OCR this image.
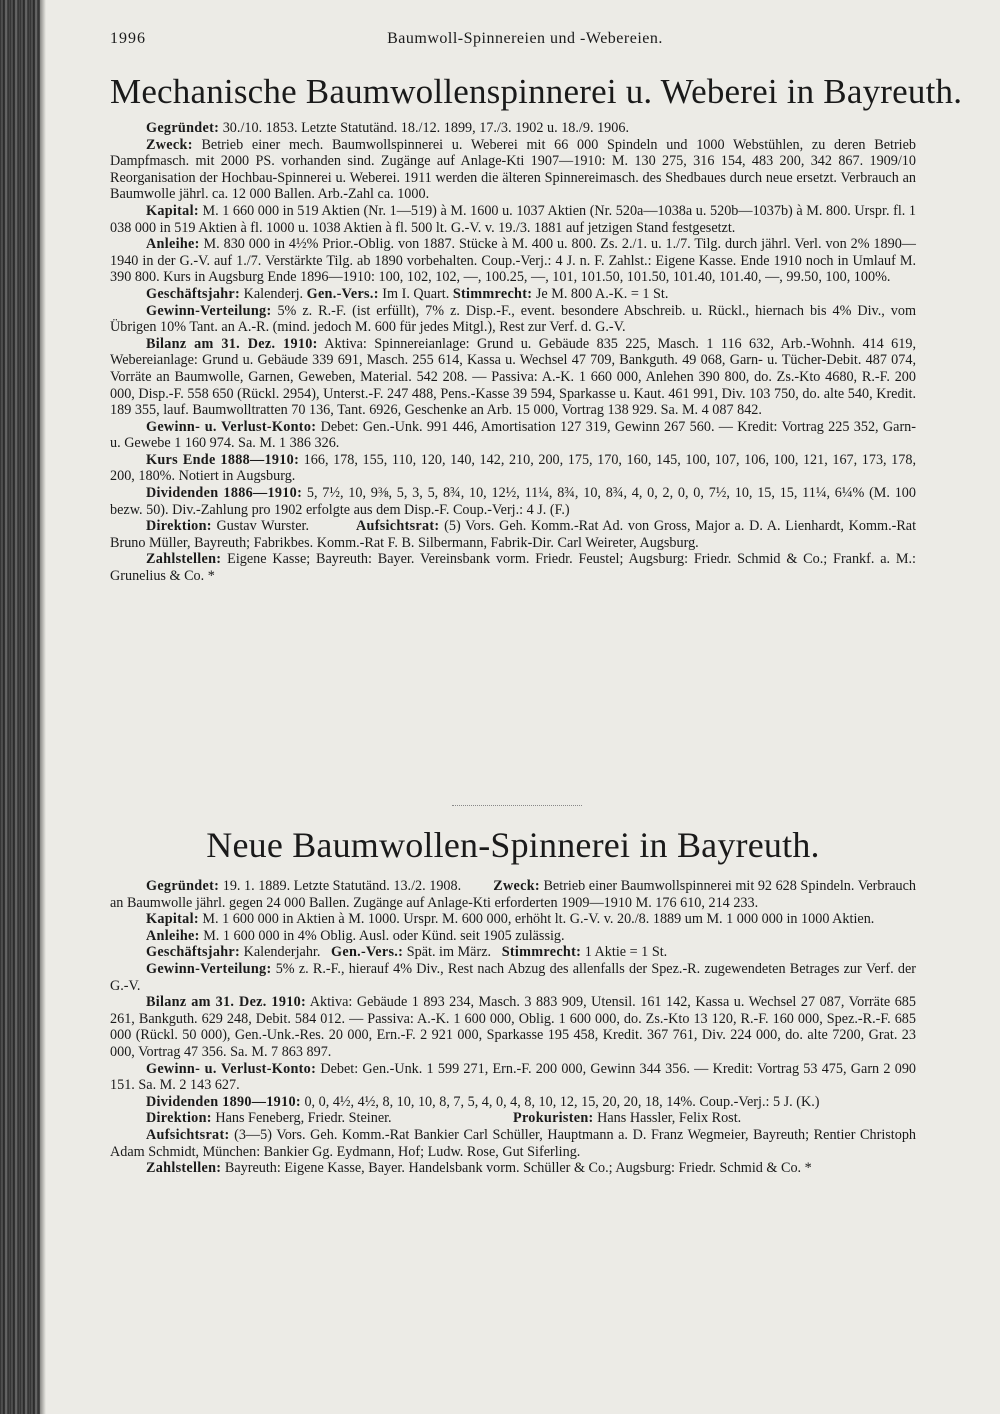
1996	Baumwoll-Spinnereien und -Webereien.
Mechanische Baumwollenspinnerei u. Weberei in Bayreuth.

Gegründet: 30./10. 1853. Letzte Statutänd. 18./12. 1899, 17./3. 1902 u. 18./9. 1906.

Zweck: Betrieb einer mech. Baumwollspinnerei u. Weberei mit 66 000 Spindeln und 1000 Webstühlen, zu deren Betrieb Dampfmasch. mit 2000 PS. vorhanden sind. Zugänge auf Anlage-Kti 1907—1910: M. 130 275, 316 154, 483 200, 342 867. 1909/10 Reorganisation der Hochbau-Spinnerei u. Weberei. 1911 werden die älteren Spinnereimasch. des Shedbaues durch neue ersetzt. Verbrauch an Baumwolle jährl. ca. 12 000 Ballen. Arb.-Zahl ca. 1000.

Kapital: M. 1 660 000 in 519 Aktien (Nr. 1—519) à M. 1600 u. 1037 Aktien (Nr. 520a—1038a u. 520b—1037b) à M. 800. Urspr. fl. 1 038 000 in 519 Aktien à fl. 1000 u. 1038 Aktien à fl. 500 lt. G.-V. v. 19./3. 1881 auf jetzigen Stand festgesetzt.

Anleihe: M. 830 000 in 4½% Prior.-Oblig. von 1887. Stücke à M. 400 u. 800. Zs. 2./1. u. 1./7. Tilg. durch jährl. Verl. von 2% 1890—1940 in der G.-V. auf 1./7. Verstärkte Tilg. ab 1890 vorbehalten. Coup.-Verj.: 4 J. n. F. Zahlst.: Eigene Kasse. Ende 1910 noch in Umlauf M. 390 800. Kurs in Augsburg Ende 1896—1910: 100, 102, 102, —, 100.25, —, 101, 101.50, 101.50, 101.40, 101.40, —, 99.50, 100, 100%.

Geschäftsjahr: Kalenderj. Gen.-Vers.: Im I. Quart. Stimmrecht: Je M. 800 A.-K. = 1 St.

Gewinn-Verteilung: 5% z. R.-F. (ist erfüllt), 7% z. Disp.-F., event. besondere Abschreib. u. Rückl., hiernach bis 4% Div., vom Übrigen 10% Tant. an A.-R. (mind. jedoch M. 600 für jedes Mitgl.), Rest zur Verf. d. G.-V.

Bilanz am 31. Dez. 1910: Aktiva: Spinnereianlage: Grund u. Gebäude 835 225, Masch. 1 116 632, Arb.-Wohnh. 414 619, Webereianlage: Grund u. Gebäude 339 691, Masch. 255 614, Kassa u. Wechsel 47 709, Bankguth. 49 068, Garn- u. Tücher-Debit. 487 074, Vorräte an Baumwolle, Garnen, Geweben, Material. 542 208. — Passiva: A.-K. 1 660 000, Anlehen 390 800, do. Zs.-Kto 4680, R.-F. 200 000, Disp.-F. 558 650 (Rückl. 2954), Unterst.-F. 247 488, Pens.-Kasse 39 594, Sparkasse u. Kaut. 461 991, Div. 103 750, do. alte 540, Kredit. 189 355, lauf. Baumwolltratten 70 136, Tant. 6926, Geschenke an Arb. 15 000, Vortrag 138 929. Sa. M. 4 087 842.

Gewinn- u. Verlust-Konto: Debet: Gen.-Unk. 991 446, Amortisation 127 319, Gewinn 267 560. — Kredit: Vortrag 225 352, Garn- u. Gewebe 1 160 974. Sa. M. 1 386 326.

Kurs Ende 1888—1910: 166, 178, 155, 110, 120, 140, 142, 210, 200, 175, 170, 160, 145, 100, 107, 106, 100, 121, 167, 173, 178, 200, 180%. Notiert in Augsburg.

Dividenden 1886—1910: 5, 7½, 10, 9⅜, 5, 3, 5, 8¾, 10, 12½, 11¼, 8¾, 10, 8¾, 4, 0, 2, 0, 0, 7½, 10, 15, 15, 11¼, 6¼% (M. 100 bezw. 50). Div.-Zahlung pro 1902 erfolgte aus dem Disp.-F. Coup.-Verj.: 4 J. (F.)

Direktion: Gustav Wurster.	Aufsichtsrat: (5) Vors. Geh. Komm.-Rat Ad. von Gross, Major a. D. A. Lienhardt, Komm.-Rat Bruno Müller, Bayreuth; Fabrikbes. Komm.-Rat F. B. Silbermann, Fabrik-Dir. Carl Weireter, Augsburg.

Zahlstellen: Eigene Kasse; Bayreuth: Bayer. Vereinsbank vorm. Friedr. Feustel; Augsburg: Friedr. Schmid & Co.; Frankf. a. M.: Grunelius & Co. *

Neue Baumwollen-Spinnerei in Bayreuth.

Gegründet: 19. 1. 1889. Letzte Statutänd. 13./2. 1908. Zweck: Betrieb einer Baumwollspinnerei mit 92 628 Spindeln. Verbrauch an Baumwolle jährl. gegen 24 000 Ballen. Zugänge auf Anlage-Kti erforderten 1909—1910 M. 176 610, 214 233.

Kapital: M. 1 600 000 in Aktien à M. 1000. Urspr. M. 600 000, erhöht lt. G.-V. v. 20./8. 1889 um M. 1 000 000 in 1000 Aktien.

Anleihe: M. 1 600 000 in 4% Oblig. Ausl. oder Künd. seit 1905 zulässig.

Geschäftsjahr: Kalenderjahr. Gen.-Vers.: Spät. im März. Stimmrecht: 1 Aktie = 1 St.

Gewinn-Verteilung: 5% z. R.-F., hierauf 4% Div., Rest nach Abzug des allenfalls der Spez.-R. zugewendeten Betrages zur Verf. der G.-V.

Bilanz am 31. Dez. 1910: Aktiva: Gebäude 1 893 234, Masch. 3 883 909, Utensil. 161 142, Kassa u. Wechsel 27 087, Vorräte 685 261, Bankguth. 629 248, Debit. 584 012. — Passiva: A.-K. 1 600 000, Oblig. 1 600 000, do. Zs.-Kto 13 120, R.-F. 160 000, Spez.-R.-F. 685 000 (Rückl. 50 000), Gen.-Unk.-Res. 20 000, Ern.-F. 2 921 000, Sparkasse 195 458, Kredit. 367 761, Div. 224 000, do. alte 7200, Grat. 23 000, Vortrag 47 356. Sa. M. 7 863 897.

Gewinn- u. Verlust-Konto: Debet: Gen.-Unk. 1 599 271, Ern.-F. 200 000, Gewinn 344 356. — Kredit: Vortrag 53 475, Garn 2 090 151. Sa. M. 2 143 627.

Dividenden 1890—1910: 0, 0, 4½, 4½, 8, 10, 10, 8, 7, 5, 4, 0, 4, 8, 10, 12, 15, 20, 20, 18, 14%. Coup.-Verj.: 5 J. (K.)

Direktion: Hans Feneberg, Friedr. Steiner.	Prokuristen: Hans Hassler, Felix Rost.

Aufsichtsrat: (3—5) Vors. Geh. Komm.-Rat Bankier Carl Schüller, Hauptmann a. D. Franz Wegmeier, Bayreuth; Rentier Christoph Adam Schmidt, München: Bankier Gg. Eydmann, Hof; Ludw. Rose, Gut Siferling.

Zahlstellen: Bayreuth: Eigene Kasse, Bayer. Handelsbank vorm. Schüller & Co.; Augsburg: Friedr. Schmid & Co. *
